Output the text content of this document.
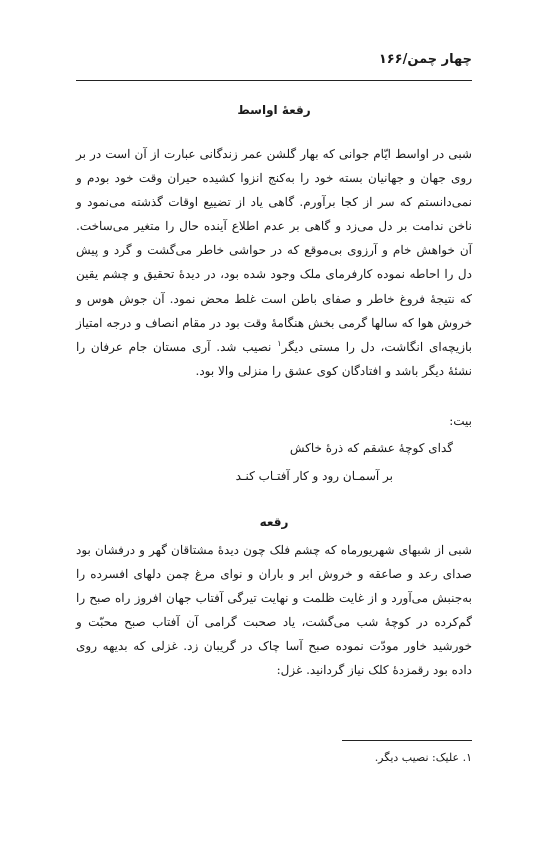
چهار چمن/۱۶۶
رقعهٔ اواسط

شبی در اواسط ایّام جوانی که بهار گلشن عمر زندگانی عبارت از آن است در بر روی جهان و جهانیان بسته خود را به‌کنج انزوا کشیده حیران وقت خود بودم و نمی‌دانستم که سر از کجا برآورم. گاهی یاد از تضییع اوقات گذشته می‌نمود و ناخن ندامت بر دل می‌زد و گاهی بر عدم اطلاع آینده حال را متغیر می‌ساخت. آن خواهش خام و آرزوی بی‌موقع که در حواشی خاطر می‌گشت و گرد و پیش دل را احاطه نموده کارفرمای ملک وجود شده بود، در دیدهٔ تحقیق و چشم یقین که نتیجهٔ فروغ خاطر و صفای باطن است غلط محض نمود. آن جوش هوس و خروش هوا که سالها گرمی بخش هنگامهٔ وقت بود در مقام انصاف و درجه امتیاز بازیچه‌ای انگاشت، دل را مستی دیگر$^۱$ نصیب شد. آری مستان جام عرفان را نشئهٔ دیگر باشد و افتادگان کوی عشق را منزلی والا بود.

بیت:
گدای کوچهٔ عشقم که ذرهٔ خاکش
بر آسمـان رود و کار آفتـاب کنـد
رقعه

شبی از شبهای شهریورماه که چشم فلک چون دیدهٔ مشتاقان گهر و درفشان بود صدای رعد و صاعقه و خروش ابر و باران و نوای مرغ چمن دلهای افسرده را به‌جنبش می‌آورد و از غایت ظلمت و نهایت تیرگی آفتاب جهان افروز راه صبح را گم‌کرده در کوچهٔ شب می‌گشت، یاد صحبت گرامی آن آفتاب صبح محبّت و خورشید خاور مودّت نموده صبح آسا چاک در گریبان زد. غزلی که بدیهه روی داده بود رقمزدهٔ کلک نیاز گردانید. غزل:

۱. علیک: نصیب دیگر.
